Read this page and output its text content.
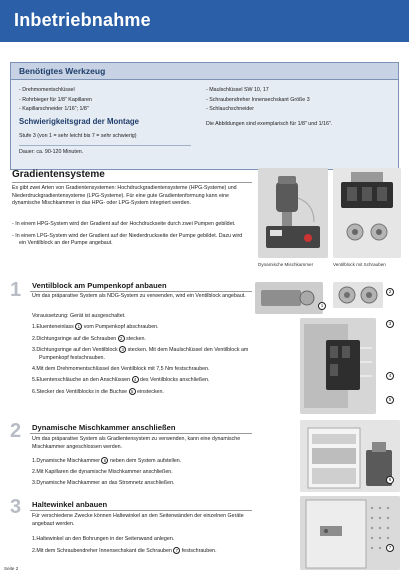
Inbetriebnahme
Benötigtes Werkzeug
- Drehmomentschlüssel
- Rohrbieger für 1/8" Kapillaren
- Kapillarschneider 1/16"; 1/8"
- Maulschlüssel SW 10, 17
- Schraubendreher Innensechskant Größe 3
- Schlauchschneider
Schwierigkeitsgrad der Montage
Stufe 3 (von 1 = sehr leicht bis 7 = sehr schwierig)
Dauer: ca. 90-120 Minuten.
Die Abbildungen sind exemplarisch für 1/8" und 1/16".
Gradientensysteme
Es gibt zwei Arten von Gradientensystemen: Hochdruckgradientensysteme (HPG-Systeme) und Niederdruckgradientensysteme (LPG-Systeme). Für eine gute Gradientenformung kann eine dynamische Mischkammer in das HPG- oder LPG-System integriert werden.
- In einem HPG-System wird der Gradient auf der Hochdruckseite durch zwei Pumpen gebildet.
- In einem LPG-System wird der Gradient auf der Niederdruckseite der Pumpe gebildet. Dazu wird ein Ventilblock an der Pumpe angebaut.
Dynamische Mischkammer	Ventilblock mit Schrauben
1 Ventilblock am Pumpenkopf anbauen
Um das präparative System als NDG-System zu verwenden, wird ein Ventilblock angebaut.
Voraussetzung: Gerät ist ausgeschaltet.
1.Eluenteneinlass 1 vom Pumpenkopf abschrauben.
2.Dichtungsringe auf die Schrauben 2 stecken.
3.Dichtungsringe auf den Ventilblock 3 stecken. Mit dem Maulschlüssel den Ventilblock am Pumpenkopf festschrauben.
4.Mit dem Drehmomentschlüssel den Ventilblock mit 7,5 Nm festschrauben.
5.Eluentenschläuche an den Anschlüssen 4 des Ventilblocks anschließen.
6.Stecker des Ventilblocks in die Buchse 5 einstecken.
1
2
3
4
5
2 Dynamische Mischkammer anschließen
Um das präparative System als Gradientensystem zu verwenden, kann eine dynamische Mischkammer angeschlossen werden.
1.Dynamische Mischkammer 6 neben dem System aufstellen.
2.Mit Kapillaren die dynamische Mischkammer anschließen.
3.Dynamische Mischkammer an das Stromnetz anschließen.	6
3 Haltewinkel anbauen
Für verschiedene Zwecke können Haltewinkel an den Seitenwänden der einzelnen Geräte angebaut werden.
1.Haltewinkel an den Bohrungen in der Seitenwand anlegen.
2.Mit dem Schraubendreher Innensechskant die Schrauben 7 festschrauben.
7
Seite 2
